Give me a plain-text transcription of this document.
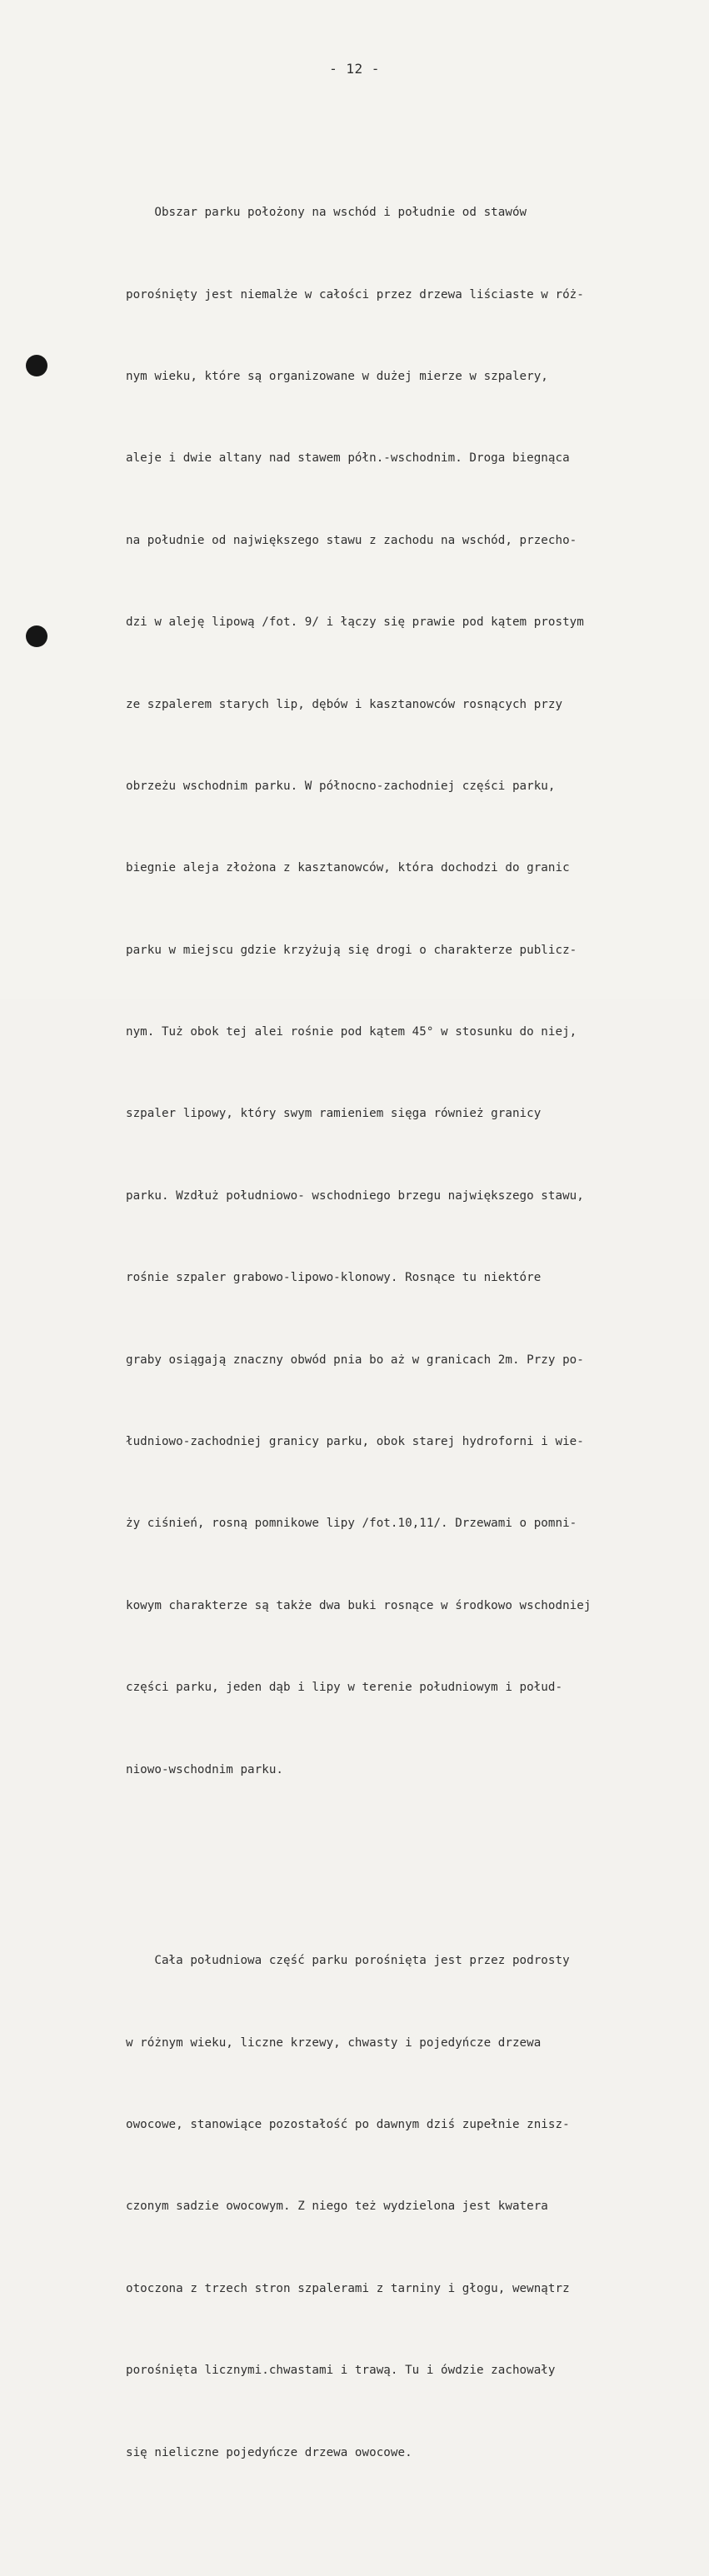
- 12 -

Obszar parku położony na wschód i południe od stawów

porośnięty jest niemalże w całości przez drzewa liściaste w róż-

nym wieku, które są organizowane w dużej mierze w szpalery,

aleje i dwie altany nad stawem półn.-wschodnim. Droga biegnąca

na południe od największego stawu z zachodu na wschód, przecho-

dzi w aleję lipową /fot. 9/ i łączy się prawie pod kątem prostym

ze szpalerem starych lip, dębów i kasztanowców rosnących przy

obrzeżu wschodnim parku. W północno-zachodniej części parku,

biegnie aleja złożona z kasztanowców, która dochodzi do granic

parku w miejscu gdzie krzyżują się drogi o charakterze publicz-

nym. Tuż obok tej alei rośnie pod kątem 45° w stosunku do niej,

szpaler lipowy, który swym ramieniem sięga również granicy

parku. Wzdłuż południowo- wschodniego brzegu największego stawu,

rośnie szpaler grabowo-lipowo-klonowy. Rosnące tu niektóre

graby osiągają znaczny obwód pnia bo aż w granicach 2m. Przy po-

łudniowo-zachodniej granicy parku, obok starej hydroforni i wie-

ży ciśnień, rosną pomnikowe lipy /fot.10,11/. Drzewami o pomni-

kowym charakterze są także dwa buki rosnące w środkowo wschodniej

części parku, jeden dąb i lipy w terenie południowym i połud-

niowo-wschodnim parku.

Cała południowa część parku porośnięta jest przez podrosty

w różnym wieku, liczne krzewy, chwasty i pojedyńcze drzewa

owocowe, stanowiące pozostałość po dawnym dziś zupełnie znisz-

czonym sadzie owocowym. Z niego też wydzielona jest kwatera

otoczona z trzech stron szpalerami z tarniny i głogu, wewnątrz

porośnięta licznymi.chwastami i trawą. Tu i ówdzie zachowały

się nieliczne pojedyńcze drzewa owocowe.
